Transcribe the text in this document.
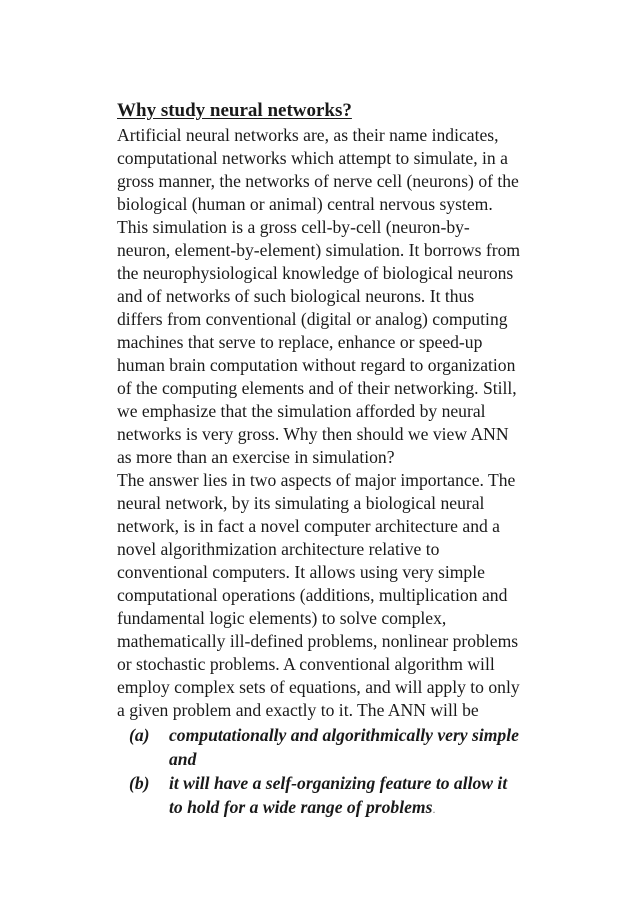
Why study neural networks?
Artificial neural networks are, as their name indicates,
computational networks which attempt to simulate, in a
gross manner, the networks of nerve cell (neurons) of the
biological (human or animal) central nervous system.
This simulation is a gross cell-by-cell (neuron-by-
neuron, element-by-element) simulation. It borrows from
the neurophysiological knowledge of biological neurons
and of networks of such biological neurons. It thus
differs from conventional (digital or analog) computing
machines that serve to replace, enhance or speed-up
human brain computation without regard to organization
of the computing elements and of their networking. Still,
we emphasize that the simulation afforded by neural
networks is very gross. Why then should we view ANN
as more than an exercise in simulation?
The answer lies in two aspects of major importance. The
neural network, by its simulating a biological neural
network, is in fact a novel computer architecture and a
novel algorithmization architecture relative to
conventional computers. It allows using very simple
computational operations (additions, multiplication and
fundamental logic elements) to solve complex,
mathematically ill-defined problems, nonlinear problems
or stochastic problems. A conventional algorithm will
employ complex sets of equations, and will apply to only
a given problem and exactly to it. The ANN will be
(a) computationally and algorithmically very simple
and
(b) it will have a self-organizing feature to allow it
to hold for a wide range of problems.
